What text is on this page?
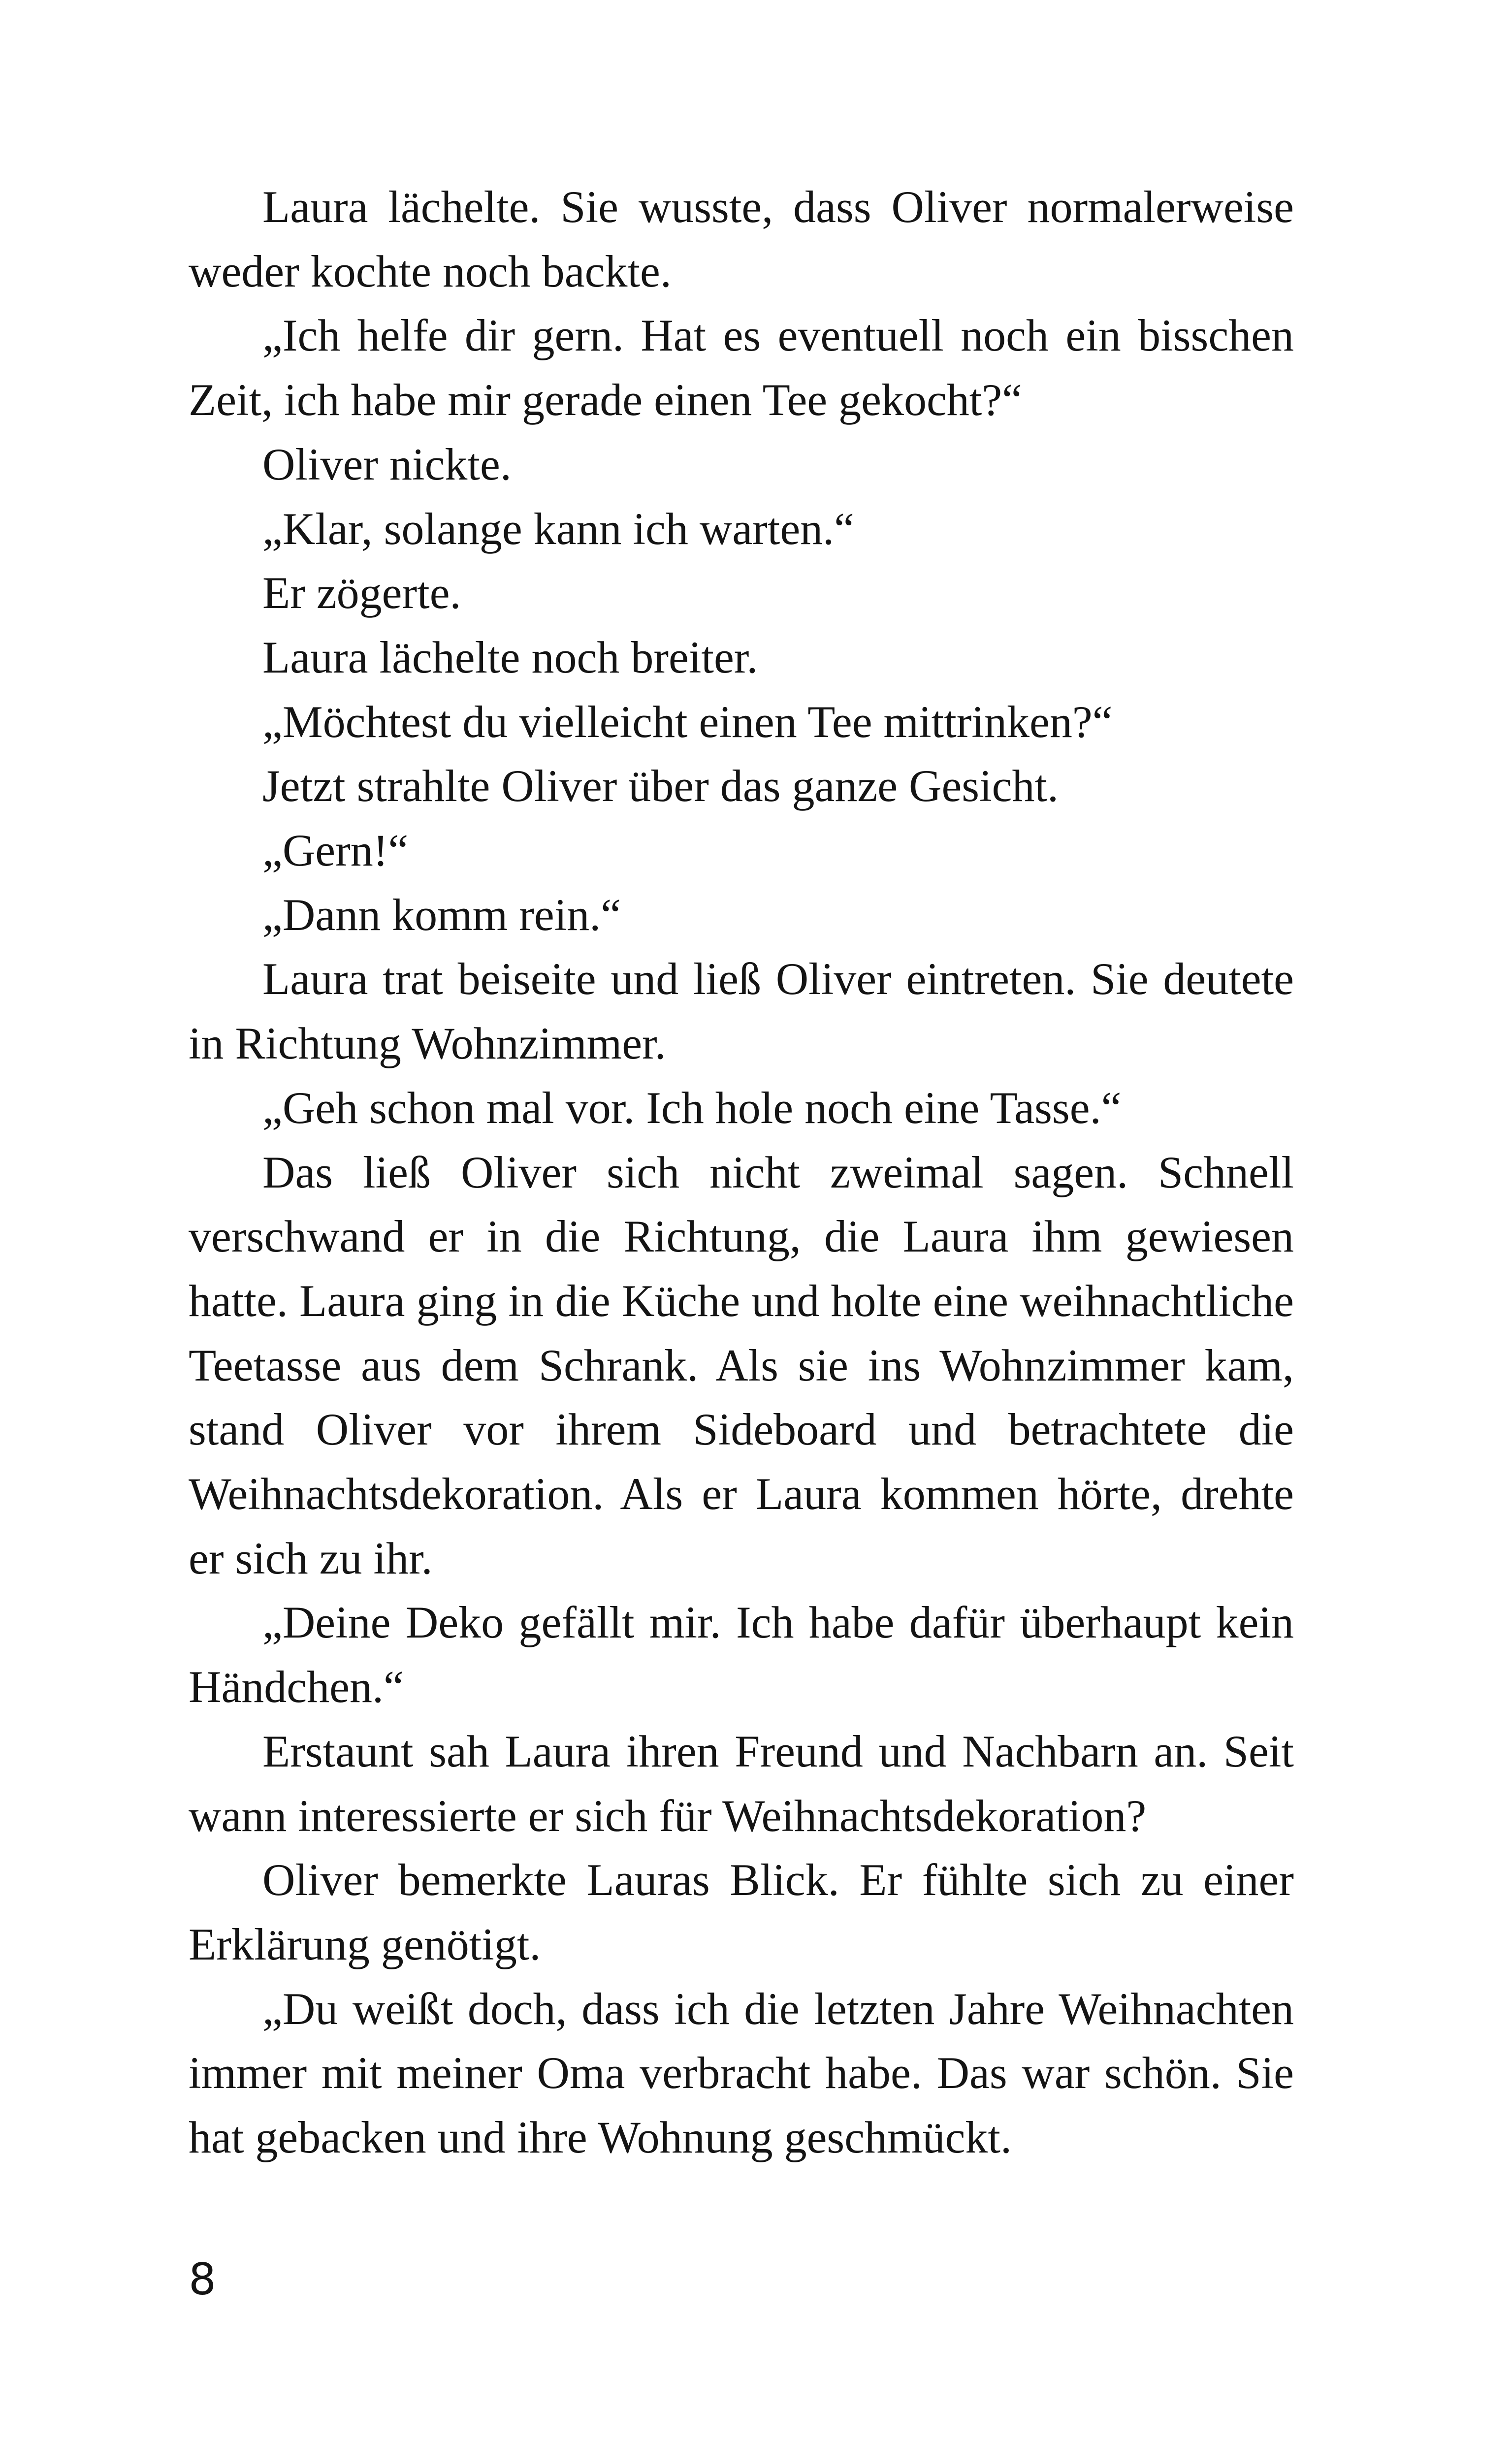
Laura lächelte. Sie wusste, dass Oliver normalerweise weder kochte noch backte.

„Ich helfe dir gern. Hat es eventuell noch ein bisschen Zeit, ich habe mir gerade einen Tee gekocht?“

Oliver nickte.

„Klar, solange kann ich warten.“

Er zögerte.

Laura lächelte noch breiter.

„Möchtest du vielleicht einen Tee mittrinken?“

Jetzt strahlte Oliver über das ganze Gesicht.

„Gern!“

„Dann komm rein.“

Laura trat beiseite und ließ Oliver eintreten. Sie deutete in Richtung Wohnzimmer.

„Geh schon mal vor. Ich hole noch eine Tasse.“

Das ließ Oliver sich nicht zweimal sagen. Schnell verschwand er in die Richtung, die Laura ihm gewiesen hatte. Laura ging in die Küche und holte eine weihnachtliche Teetasse aus dem Schrank. Als sie ins Wohnzimmer kam, stand Oliver vor ihrem Sideboard und betrachtete die Weihnachtsdekoration. Als er Laura kommen hörte, drehte er sich zu ihr.

„Deine Deko gefällt mir. Ich habe dafür überhaupt kein Händchen.“

Erstaunt sah Laura ihren Freund und Nachbarn an. Seit wann interessierte er sich für Weihnachtsdekoration?

Oliver bemerkte Lauras Blick. Er fühlte sich zu einer Erklärung genötigt.

„Du weißt doch, dass ich die letzten Jahre Weihnachten immer mit meiner Oma verbracht habe. Das war schön. Sie hat gebacken und ihre Wohnung geschmückt.

8
